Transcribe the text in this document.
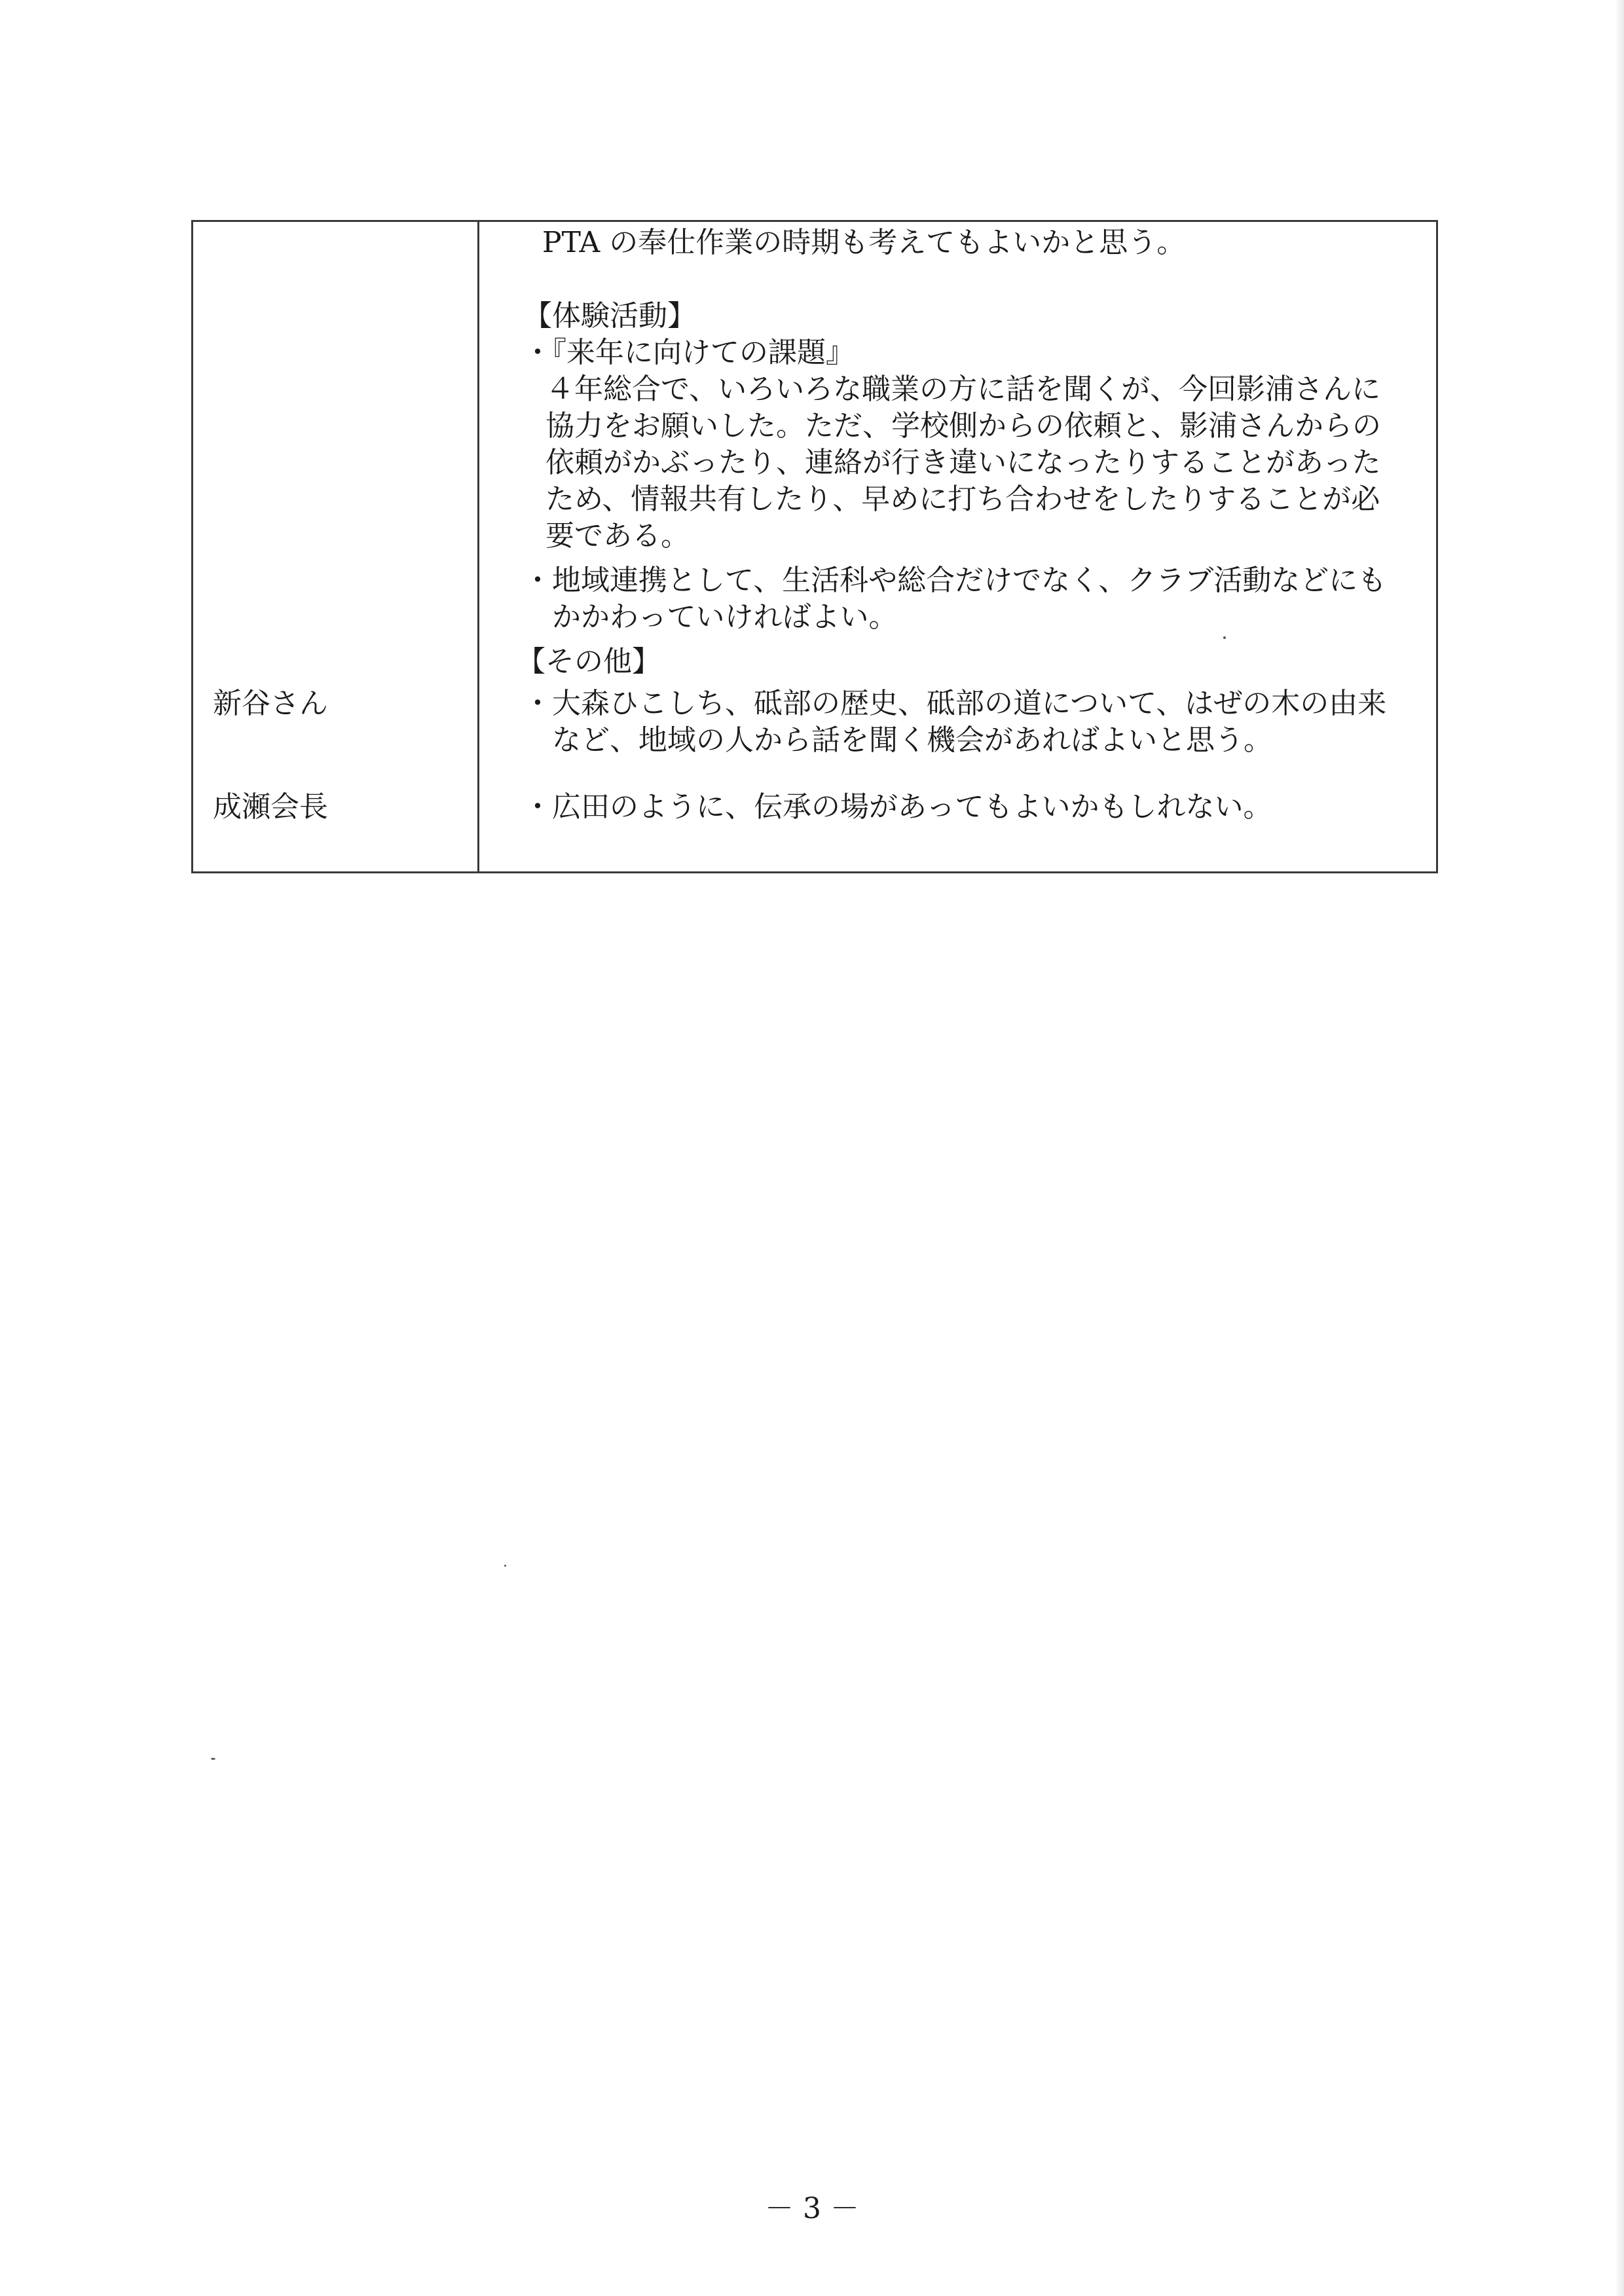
PTA の奉仕作業の時期も考えてもよいかと思う。
【体験活動】
・『来年に向けての課題』
４年総合で、いろいろな職業の方に話を聞くが、今回影浦さんに
協力をお願いした。ただ、学校側からの依頼と、影浦さんからの
依頼がかぶったり、連絡が行き違いになったりすることがあった
ため、情報共有したり、早めに打ち合わせをしたりすることが必
要である。
・地域連携として、生活科や総合だけでなく、クラブ活動などにも
かかわっていければよい。
【その他】
新谷さん	・大森ひこしち、砥部の歴史、砥部の道について、はぜの木の由来
など、地域の人から話を聞く機会があればよいと思う。
成瀬会長	・広田のように、伝承の場があってもよいかもしれない。
－ 3 －
